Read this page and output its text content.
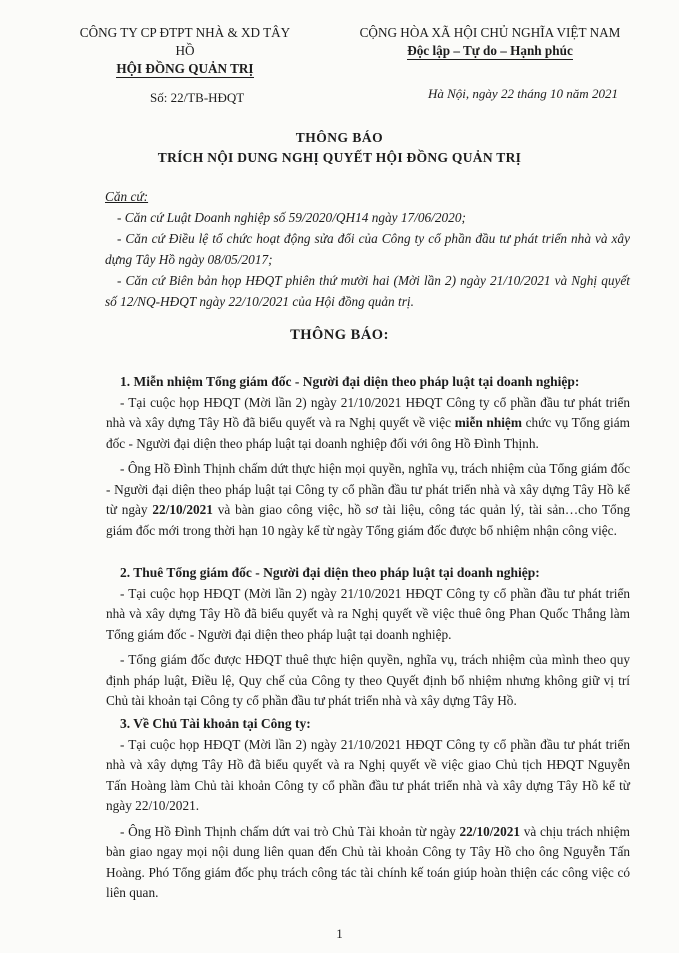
CÔNG TY CP ĐTPT NHÀ & XD TÂY HỒ
HỘI ĐỒNG QUẢN TRỊ
CỘNG HÒA XÃ HỘI CHỦ NGHĨA VIỆT NAM
Độc lập – Tự do – Hạnh phúc
Số: 22/TB-HĐQT	Hà Nội, ngày 22 tháng 10 năm 2021
THÔNG BÁO
TRÍCH NỘI DUNG NGHỊ QUYẾT HỘI ĐỒNG QUẢN TRỊ
Căn cứ:

- Căn cứ Luật Doanh nghiệp số 59/2020/QH14 ngày 17/06/2020;

- Căn cứ Điều lệ tổ chức hoạt động sửa đổi của Công ty cổ phần đầu tư phát triển nhà và xây dựng Tây Hồ ngày 08/05/2017;

- Căn cứ Biên bản họp HĐQT phiên thứ mười hai (Mời lần 2) ngày 21/10/2021 và Nghị quyết số 12/NQ-HĐQT ngày 22/10/2021 của Hội đồng quản trị.

THÔNG BÁO:
1. Miễn nhiệm Tổng giám đốc - Người đại diện theo pháp luật tại doanh nghiệp:

- Tại cuộc họp HĐQT (Mời lần 2) ngày 21/10/2021 HĐQT Công ty cổ phần đầu tư phát triển nhà và xây dựng Tây Hồ đã biểu quyết và ra Nghị quyết về việc miễn nhiệm chức vụ Tổng giám đốc - Người đại diện theo pháp luật tại doanh nghiệp đối với ông Hồ Đình Thịnh.

- Ông Hồ Đình Thịnh chấm dứt thực hiện mọi quyền, nghĩa vụ, trách nhiệm của Tổng giám đốc - Người đại diện theo pháp luật tại Công ty cổ phần đầu tư phát triển nhà và xây dựng Tây Hồ kể từ ngày 22/10/2021 và bàn giao công việc, hồ sơ tài liệu, công tác quản lý, tài sản…cho Tổng giám đốc mới trong thời hạn 10 ngày kể từ ngày Tổng giám đốc được bổ nhiệm nhận công việc.

2. Thuê Tổng giám đốc - Người đại diện theo pháp luật tại doanh nghiệp:

- Tại cuộc họp HĐQT (Mời lần 2) ngày 21/10/2021 HĐQT Công ty cổ phần đầu tư phát triển nhà và xây dựng Tây Hồ đã biểu quyết và ra Nghị quyết về việc thuê ông Phan Quốc Thắng làm Tổng giám đốc - Người đại diện theo pháp luật tại doanh nghiệp.

- Tổng giám đốc được HĐQT thuê thực hiện quyền, nghĩa vụ, trách nhiệm của mình theo quy định pháp luật, Điều lệ, Quy chế của Công ty theo Quyết định bổ nhiệm nhưng không giữ vị trí Chủ tài khoản tại Công ty cổ phần đầu tư phát triển nhà và xây dựng Tây Hồ.

3. Về Chủ Tài khoản tại Công ty:

- Tại cuộc họp HĐQT (Mời lần 2) ngày 21/10/2021 HĐQT Công ty cổ phần đầu tư phát triển nhà và xây dựng Tây Hồ đã biểu quyết và ra Nghị quyết về việc giao Chủ tịch HĐQT Nguyễn Tấn Hoàng làm Chủ tài khoản Công ty cổ phần đầu tư phát triển nhà và xây dựng Tây Hồ kể từ ngày 22/10/2021.

- Ông Hồ Đình Thịnh chấm dứt vai trò Chủ Tài khoản từ ngày 22/10/2021 và chịu trách nhiệm bàn giao ngay mọi nội dung liên quan đến Chủ tài khoản Công ty Tây Hồ cho ông Nguyễn Tấn Hoàng. Phó Tổng giám đốc phụ trách công tác tài chính kế toán giúp hoàn thiện các công việc có liên quan.

1
